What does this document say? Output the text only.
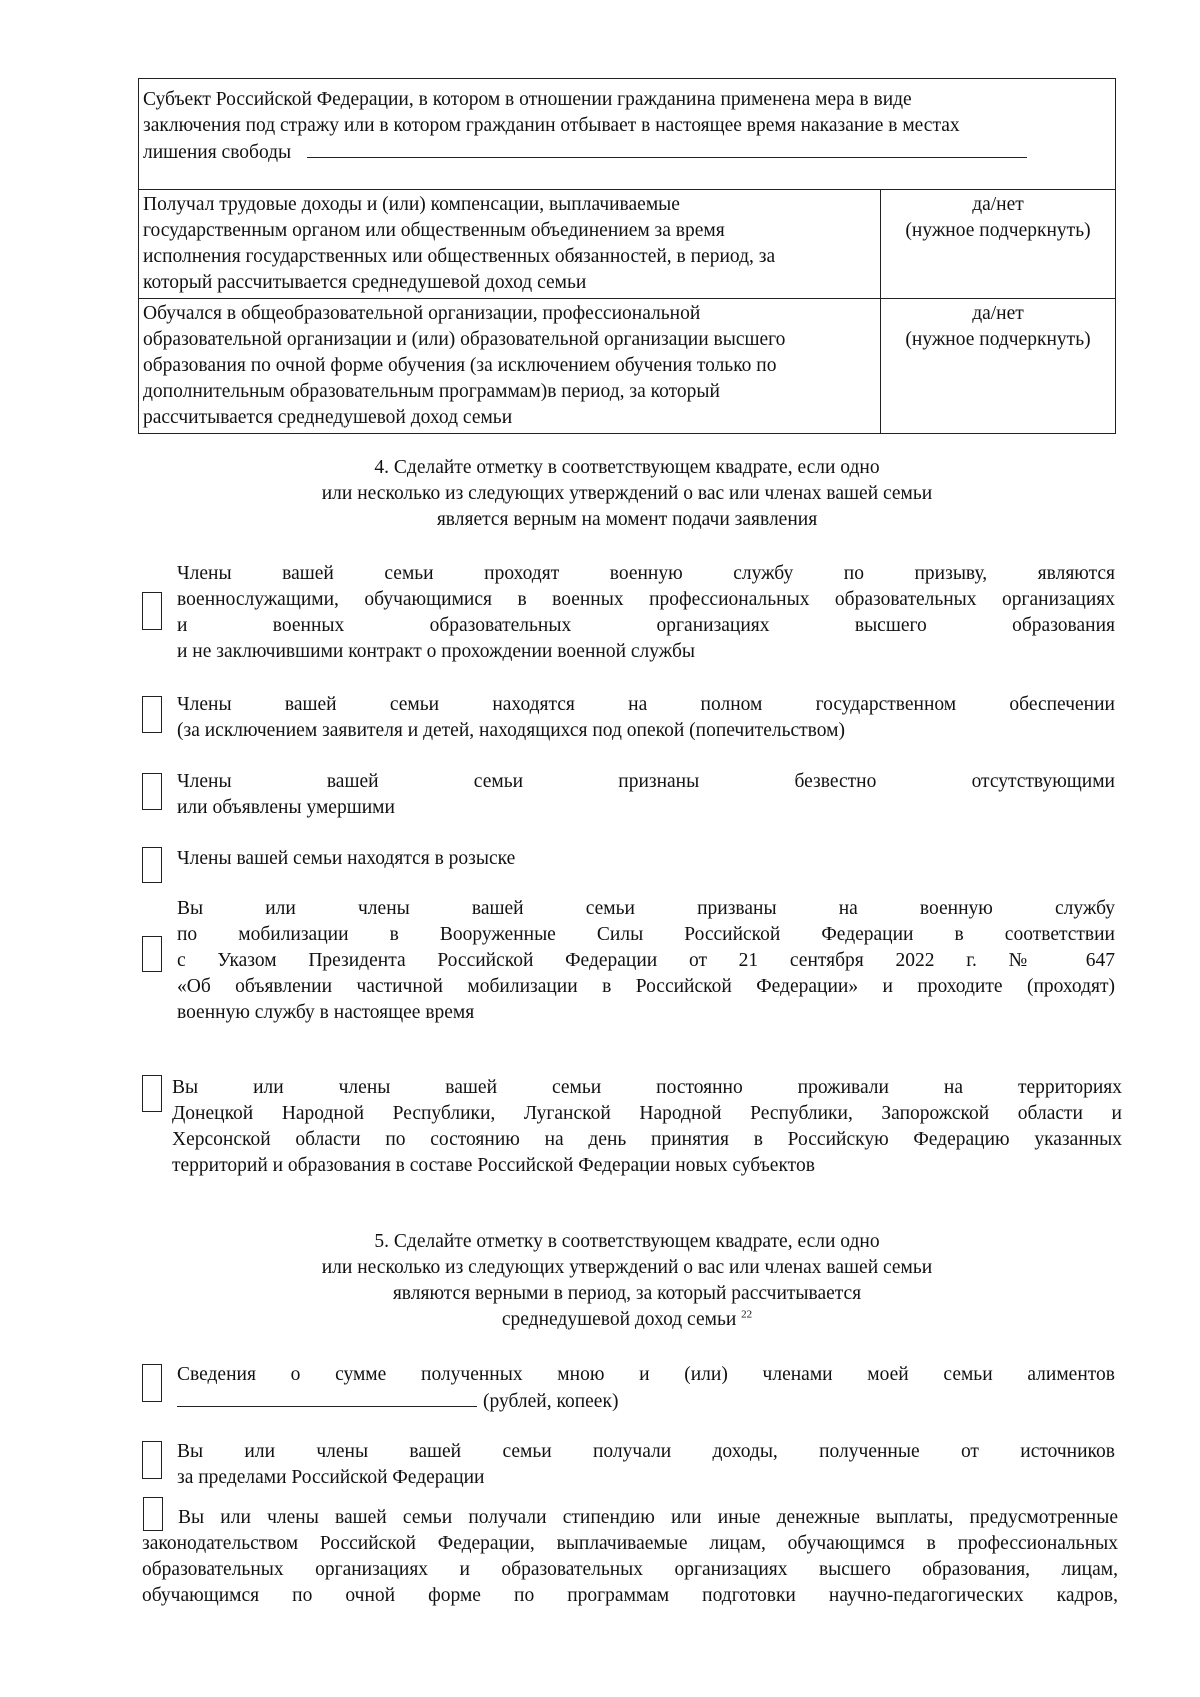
Субъект Российской Федерации, в котором в отношении гражданина применена мера в виде
заключения под стражу или в котором гражданин отбывает в настоящее время наказание в местах
лишения свободы
Получал трудовые доходы и (или) компенсации, выплачиваемые
государственным органом или общественным объединением за время
исполнения государственных или общественных обязанностей, в период, за
который рассчитывается среднедушевой доход семьи
да/нет
(нужное подчеркнуть)
Обучался в общеобразовательной организации, профессиональной
образовательной организации и (или) образовательной организации высшего
образования по очной форме обучения (за исключением обучения только по
дополнительным образовательным программам)в период, за который
рассчитывается среднедушевой доход семьи
да/нет
(нужное подчеркнуть)
4. Сделайте отметку в соответствующем квадрате, если одно
или несколько из следующих утверждений о вас или членах вашей семьи
является верным на момент подачи заявления
Члены вашей семьи проходят военную службу по призыву, являются
военнослужащими, обучающимися в военных профессиональных образовательных организациях
и военных образовательных организациях высшего образования
и не заключившими контракт о прохождении военной службы
Члены вашей семьи находятся на полном государственном обеспечении
(за исключением заявителя и детей, находящихся под опекой (попечительством)
Члены вашей семьи признаны безвестно отсутствующими
или объявлены умершими
Члены вашей семьи находятся в розыске
Вы или члены вашей семьи призваны на военную службу
по мобилизации в Вооруженные Силы Российской Федерации в соответствии
с Указом Президента Российской Федерации от 21 сентября 2022 г. № 647
«Об объявлении частичной мобилизации в Российской Федерации» и проходите (проходят)
военную службу в настоящее время
Вы или члены вашей семьи постоянно проживали на территориях
Донецкой Народной Республики, Луганской Народной Республики, Запорожской области и
Херсонской области по состоянию на день принятия в Российскую Федерацию указанных
территорий и образования в составе Российской Федерации новых субъектов
5. Сделайте отметку в соответствующем квадрате, если одно
или несколько из следующих утверждений о вас или членах вашей семьи
являются верными в период, за который рассчитывается
среднедушевой доход семьи $^{22}$
Сведения о сумме полученных мною и (или) членами моей семьи алиментов
(рублей, копеек)
Вы или члены вашей семьи получали доходы, полученные от источников
за пределами Российской Федерации
Вы или члены вашей семьи получали стипендию или иные денежные выплаты, предусмотренные
законодательством Российской Федерации, выплачиваемые лицам, обучающимся в профессиональных
образовательных организациях и образовательных организациях высшего образования, лицам,
обучающимся по очной форме по программам подготовки научно-педагогических кадров,
